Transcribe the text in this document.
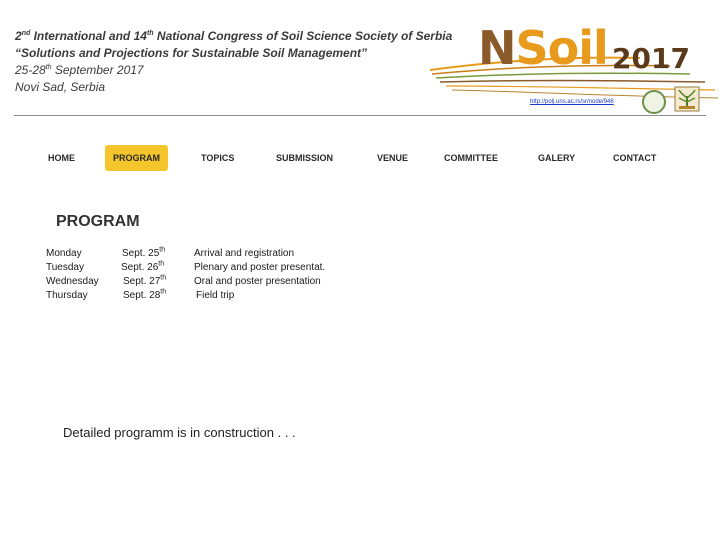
2nd International and 14th National Congress of Soil Science Society of Serbia
“Solutions and Projections for Sustainable Soil Management”
25-28th September 2017
Novi Sad, Serbia
NSoil 2017
http://polj.uns.ac.rs/sr/node/948
HOME	PROGRAM	TOPICS	SUBMISSION	VENUE	COMMITTEE	GALERY	CONTACT
PROGRAM
Monday	Sept. 25th	Arrival and registration
Tuesday	Sept. 26th	Plenary and poster presentat.
Wednesday Sept. 27th	Oral and poster presentation
Thursday	Sept. 28th	Field trip
Detailed programm is in construction . . .
